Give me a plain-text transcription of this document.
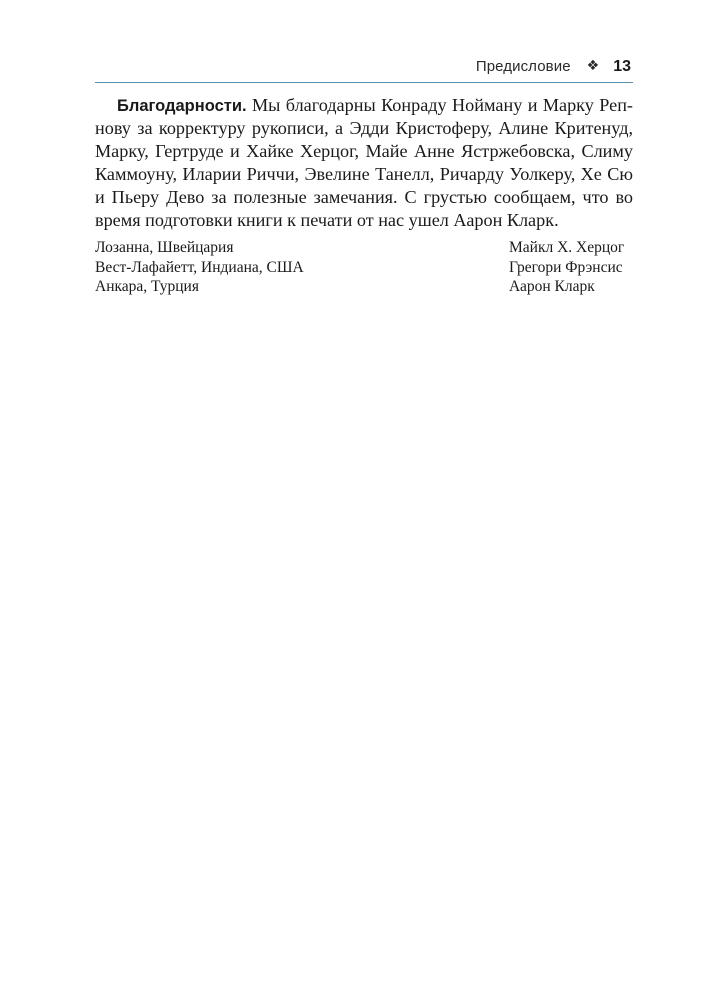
Предисловие ❖ 13
Благодарности. Мы благодарны Конраду Нойману и Марку Реп-
нову за корректуру рукописи, а Эдди Кристоферу, Алине Критенуд,
Марку, Гертруде и Хайке Херцог, Майе Анне Ястржебовска, Слиму
Каммоуну, Иларии Риччи, Эвелине Танелл, Ричарду Уолкеру, Хе Сю
и Пьеру Дево за полезные замечания. С грустью сообщаем, что во
время подготовки книги к печати от нас ушел Аарон Кларк.
Лозанна, Швейцария	Майкл Х. Херцог
Вест-Лафайетт, Индиана, США	Грегори Фрэнсис
Анкара, Турция	Аарон Кларк
